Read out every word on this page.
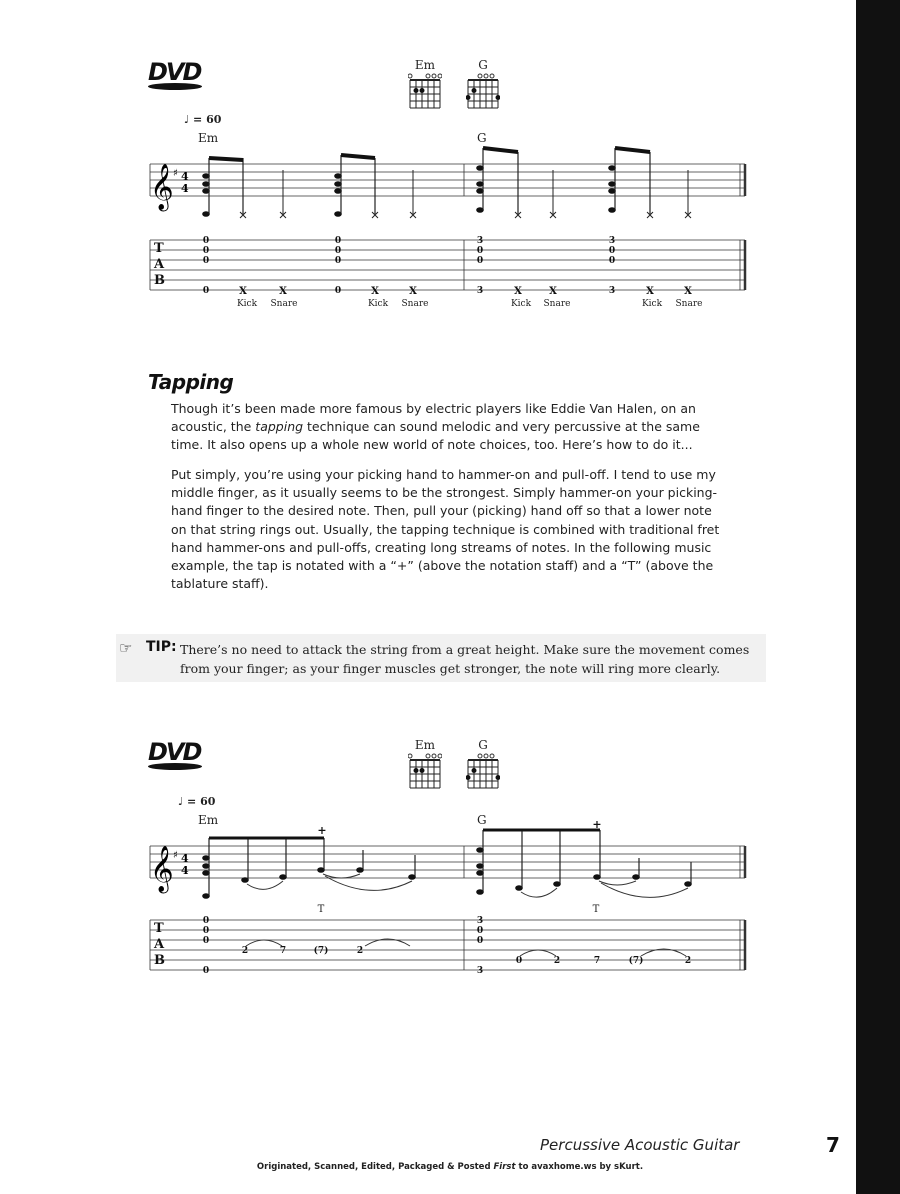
DVD	Em	G
♩ = 60
Em	G
𝄞 ♯ 4
4
T
A
B
0
0
0
0
0
0
0
0
3
0
0
3
3
0
0
3
X	X	X	X	X	X	X	X
Kick Snare	Kick Snare	Kick Snare	Kick Snare
Tapping

Though it’s been made more famous by electric players like Eddie Van Halen, on an acoustic, the tapping technique can sound melodic and very percussive at the same time. It also opens up a whole new world of note choices, too. Here’s how to do it...

Put simply, you’re using your picking hand to hammer-on and pull-off. I tend to use my middle finger, as it usually seems to be the strongest. Simply hammer-on your picking-hand finger to the desired note. Then, pull your (picking) hand off so that a lower note on that string rings out. Usually, the tapping technique is combined with traditional fret hand hammer-ons and pull-offs, creating long streams of notes. In the following music example, the tap is notated with a “+” (above the notation staff) and a “T” (above the tablature staff).

☞ TIP: There’s no need to attack the string from a great height. Make sure the movement comes from your finger; as your finger muscles get stronger, the note will ring more clearly.

DVD	Em	G
♩ = 60
Em	G
𝄞 ♯ 4
4
+	+
T	T
T
A
B
0
0
0
0
2	7	(7)	2
3
0
0
3
0	2	7	(7)	2
Percussive Acoustic Guitar	7
Originated, Scanned, Edited, Packaged & Posted First to avaxhome.ws by sKurt.
